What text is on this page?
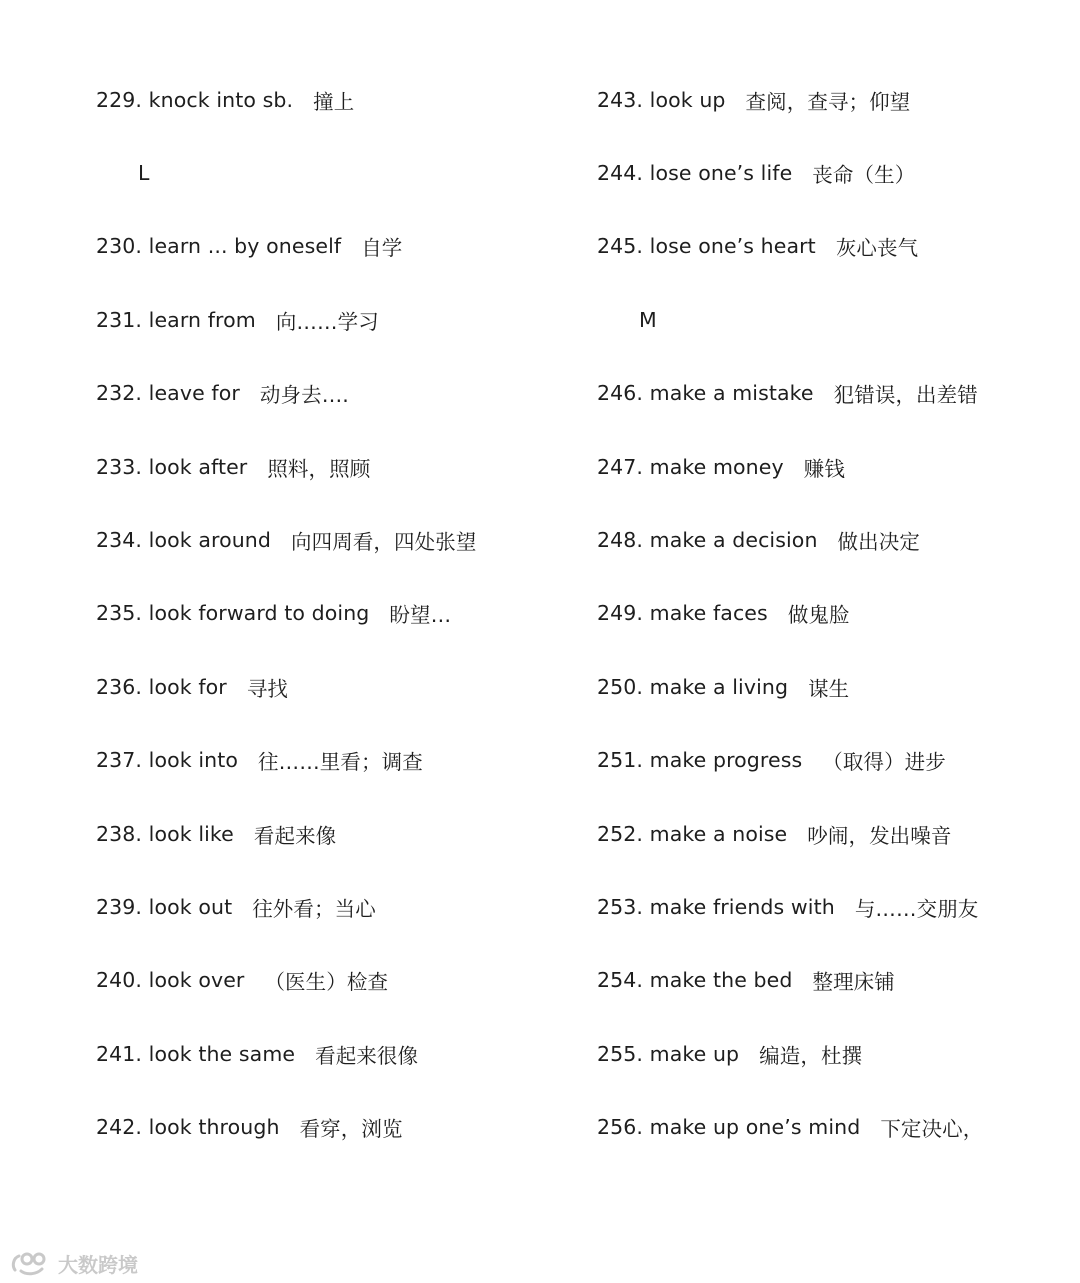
229. knock into sb. 撞上
L
230. learn ... by oneself 自学
231. learn from 向……学习
232. leave for 动身去….
233. look after 照料，照顾
234. look around 向四周看，四处张望
235. look forward to doing 盼望…
236. look for 寻找
237. look into 往……里看；调查
238. look like 看起来像
239. look out 往外看；当心
240. look over （医生）检查
241. look the same 看起来很像
242. look through 看穿，浏览
243. look up 查阅，查寻；仰望
244. lose one’s life 丧命（生）
245. lose one’s heart 灰心丧气
M
246. make a mistake 犯错误，出差错
247. make money 赚钱
248. make a decision 做出决定
249. make faces 做鬼脸
250. make a living 谋生
251. make progress （取得）进步
252. make a noise 吵闹，发出噪音
253. make friends with 与……交朋友
254. make the bed 整理床铺
255. make up 编造，杜撰
256. make up one’s mind 下定决心，
大数跨境
